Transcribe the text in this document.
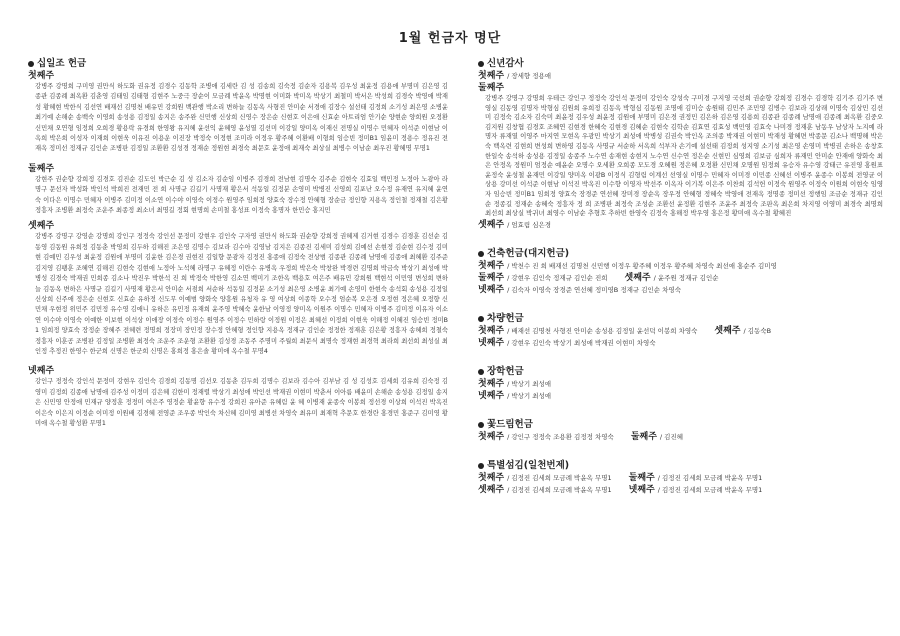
1월 헌금자 명단
십일조 헌금
첫째주
강병주 강명희 구미영 권만식 하도화 권유정 김경수 김동학 조병애 김세란 김 성 김송희 김숙정 김순자 김용복 김우성 최윤정 김용애 부명미 김은영 김종관 김종례 최옥환 김춘영 김태임 김태형 김현주 노중극 장순이 모금례 박윤옥 박명현 이미화 박미옥 박상기 최철미 박서은 박성희 김경숙 박영애 박재성 황혜현 박한식 김선연 배재선 김명천 배유민 강희원 백관행 박소리 변하늘 김동옥 사형진 안미순 서경애 김장수 설선태 김정희 소기성 최은영 소병윤 최기예 손해순 송백숙 이영희 송성용 김정일 송지은 송주완 신민행 신상희 신영수 장은순 신현호 이은애 신효순 아트리엄 안기순 양현순 양희원 오정환 신민채 오연형 임정희 오희경 황용락 유경희 한영왕 유지혜 윤선익 윤혜영 윤성열 김선미 이강일 양미옥 이재신 전명실 이명수 민혜자 이석준 이현남 이옥희 박은희 이성자 이재희 이현욱 이유진 이용운 이진장 박정숙 이정현 조미라 이정우 황주혜 이환배 이형희 임승빈 정미B1 임윤미 정용수 정유진 전재옥 정미선 정재규 김인순 조병판 김정일 조환환 김성경 정재순 정원현 최경숙 최문호 윤정애 최재숙 최상실 최병수 이남순 최우진 황혜명 무명1
둘째주
강현주 권순향 강희정 김경호 김진순 김도인 박근순 김 성 김소자 김순임 이병주 김경희 전남현 김명숙 김주순 김현숙 김효일 백민정 노정아 노광아 라명구 문선자 박성화 박인석 박희진 전재민 전 희 사명규 김길기 사명재 황은서 석동일 김정분 손영미 박병진 신영희 김포난 오수정 유재연 유지혜 윤연숙 이다은 이명수 민혜자 이병주 김미정 이소연 이수야 이영숙 이정수 원영주 임희정 양효숙 장수정 안혜형 장순금 정인향 지용옥 정인철 정재철 김은황 정흥자 조병환 최정숙 조운주 최종정 최소녀 최명길 정회 현명희 손미철 홍성표 이정숙 홍명자 한민승 홍지민
셋째주
강병주 강명구 강영순 강명희 강인구 정정숙 강인선 문정미 강현우 김인숙 구자영 권만식 하도화 권순향 강희정 권혜제 김거현 김경수 김경훈 김선순 김동영 김동원 유희정 김동춘 박영희 김두하 김해진 조은영 김명수 김보라 김수아 김영남 김지은 김종진 김세미 김성희 김예선 손현정 김순현 김수정 김미현 김예민 김우성 최윤정 김원애 부명미 김윤한 김은경 권현진 김일향 문광자 김정진 홍종애 김정숙 전상범 김종관 김종례 남명애 김종애 최혜환 김주준 김지영 김팽훈 조혜연 김해진 김현숙 김현애 노정아 노석혜 라명구 유혜정 이란수 유병옥 우정희 박은숙 박창완 박경련 김명희 박금숙 박상기 최성애 박병성 김경숙 박재권 민희종 김소나 박진우 박한석 진 희 박정숙 박한영 김소연 백미기 조한옥 백용호 여은주 배유민 강희원 백현석 이민영 변성희 변하늘 김동옥 변하은 사명규 김길기 사명재 황은서 안미순 서점희 서순하 석동일 김정분 소기성 최은영 소병윤 최기예 손영미 한현숙 송석회 송성용 김정일 신상희 신주애 정은순 신현호 신효순 유하정 신도무 이예범 양화숙 양흥원 유청자 유 영 여상희 이종학 오수정 엄순복 오은경 오정현 정은혜 오정향 신민채 우현정 위민주 김민정 유수영 김애니 유하은 유민정 유재희 윤주영 박혜숙 윤한남 이영정 양미옥 이원주 이명수 민혜자 이병주 김미정 이유자 이소연 이수야 이영숙 이예한 이보현 이석상 이애장 이정숙 이정수 원영주 이정수 민하랑 이정원 이정은 최혜선 이정희 이현욱 이해정 이혜진 임승빈 정미B1 임희정 양효숙 장정순 장혜주 전혜련 정명희 정장미 장민정 장수정 안혜형 정인향 지용옥 정재규 김인순 정정한 정재훈 김은황 정흥자 송혜희 정철숙 정흥자 이훈공 조병판 김정일 조병환 최정숙 조운주 조운형 조환환 김성경 조동주 주명미 주월희 최문식 최명숙 정재현 최경혁 최라희 최선희 최성실 최인정 추정진 한영수 한군희 신명은 한군희 신명은 홍희정 홍은솔 황미애 옥수철 무명4
넷째주
강인구 정정숙 강인석 문정미 강현우 김인숙 김경희 김동명 김선오 김동춘 김두희 김명수 김보라 김수아 김부남 김 성 김성호 김세희 김유희 김숙정 김영미 김정희 김종애 남명애 김주성 이정미 김은혜 김한미 정재렬 박상기 최성애 박인선 박재권 이현미 박춘서 이아름 배윤미 손해순 송성용 김정일 송지은 신민영 안정애 민재규 양정훈 정정미 여은주 영정순 황윤향 유수정 강희진 유아준 유혜림 윤 혜 이병재 윤종숙 이봉희 정선경 이상희 이석진 박옥진 이은숙 이은지 이정순 이미정 이원배 김경혜 전영준 조우종 박인숙 차신혜 김미영 최병선 차영숙 최유미 최재혁 추문호 한경란 홍경민 홍준구 김미영 황미애 옥수철 황성환 무명1
신년감사
첫째주 / 장세향 정용애
둘째주
강병주 강명구 강명희 우테근 강인구 정정숙 강인석 문정미 강인숙 강성숙 구미경 구지영 국선희 권순향 강희정 김경수 김경학 김기주 김기주 변영실 김동영 김명자 박형심 김원희 유희정 김동옥 박형심 김동원 조명애 김미승 송원태 김민주 조민영 김병수 김보라 김상래 이명숙 김상민 김선미 김정숙 김소자 김숙미 최윤정 김우성 최윤정 김원애 부명미 김은경 권정민 김은하 김은영 김용희 김종관 김종례 남명애 김종례 최옥환 김중오 김지원 김창협 김경호 조혜연 김현경 한혜숙 김현경 김혜순 김현숙 김학순 김효연 김효성 백민영 김효숙 나미경 정재훈 남동우 남상자 노지예 라명자 류재열 이영주 마지연 모현옥 우광민 박상기 최성애 박병성 김권숙 박인옥 조의종 박재권 이현미 박재성 황혜면 박종문 김소나 백명해 박은숙 백옥련 김현희 변성희 변하영 김동옥 사명규 서순하 서옥희 석부자 손기예 설선태 김정희 성지영 소기성 최은영 손영미 박병권 손하은 송창호 한일숙 송석하 송성용 김정일 송종주 노수연 송재현 송현지 노수연 신수연 정은순 신현민 심영희 김보금 심희자 류재민 안미순 안재애 양화숙 최 은 안정옥 정원미 엄정순 예윤순 오명수 오세환 오희종 모도경 오혜원 정은혜 오정환 신민채 오명원 임정희 유승자 유수영 강태근 유진영 홍원표 윤정숙 윤성철 윤재민 이강일 양미옥 이광B 이정식 김형림 이계선 선영실 이명수 민혜자 이미경 이민종 신혜선 이병주 윤종수 이봉희 전영균 이상용 강미선 이석준 이현남 이석진 박옥진 이수향 이영자 박선주 이옥자 이기복 이은주 이찬희 김석헌 이정숙 원영주 이정숙 이원희 이현숙 임영자 임승빈 정미B1 임희정 양효숙 장경준 연선혜 장미경 장순옥 장우정 안혜형 정혜숙 박영애 전재옥 정명종 정미선 정행임 조금순 정재규 김인순 정종길 정재순 송혜숙 정흥자 정 희 조병판 최정숙 조성순 조환선 윤정환 김현주 조윤주 최정숙 조판옥 최은희 차지영 이영미 최경숙 최명희 최선희 최상실 박귀녀 최영수 이남순 추형호 추하빈 한영숙 김정숙 홍해정 박우영 홍은정 황미애 옥수철 황혜진
셋째주 / 엄효림 심은경
건축헌금(대지헌금)
첫째주 / 박천수 진 희 배재선 김명천 신민행 이정우 황주혜 이정우 황주혜 차영숙 최선애 홍순주 김미영
둘째주 / 강현우 김인숙 정재규 김인순 진희 셋째주 / 윤주원 정재규 김인순
넷째주 / 김숙자 이영숙 장경준 연선혜 정미영B 정재규 김인순 차영숙
차량헌금
첫째주 / 배재선 김명천 사형진 안미순 송성용 김정일 윤선덕 이봉희 차영숙 셋째주 / 김동숙B
넷째주 / 강현우 김인숙 박상기 최성애 박재권 이현미 차영숙
장학헌금
첫째주 / 박상기 최성애
넷째주 / 박상기 최성애
꽃드림헌금
첫째주 / 강인구 정정숙 조용환 김정정 차영숙 둘째주 / 김진혜
특별섬김(일천번제)
첫째주 / 김정진 김세희 모금례 박윤옥 무명1 둘째주 / 김정진 김세희 모금례 박윤옥 무명1
셋째주 / 김정진 김세희 모금례 박윤옥 무명1 넷째주 / 김정진 김세희 모금례 박윤옥 무명1
